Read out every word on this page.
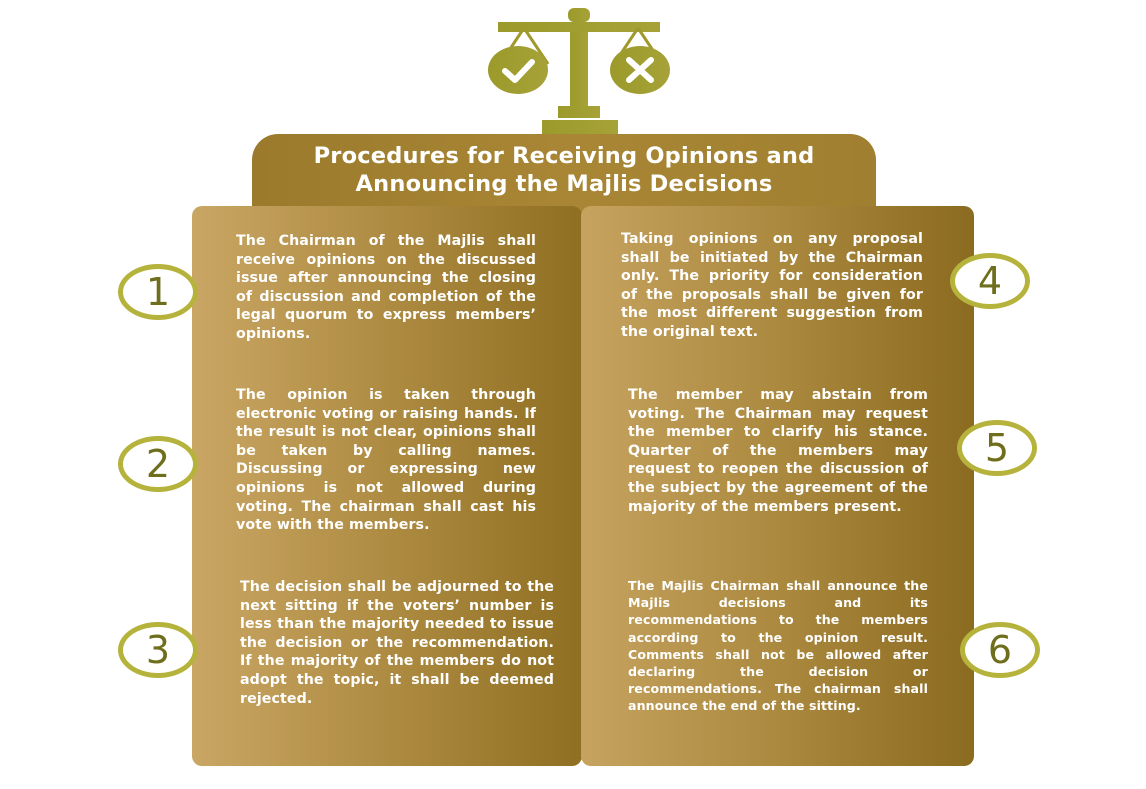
Procedures for Receiving Opinions and Announcing the Majlis Decisions

The Chairman of the Majlis shall receive opinions on the discussed issue after announcing the closing of discussion and completion of the legal quorum to express members’ opinions.

The opinion is taken through electronic voting or raising hands. If the result is not clear, opinions shall be taken by calling names. Discussing or expressing new opinions is not allowed during voting. The chairman shall cast his vote with the members.

The decision shall be adjourned to the next sitting if the voters’ number is less than the majority needed to issue the decision or the recommendation. If the majority of the members do not adopt the topic, it shall be deemed rejected.

Taking opinions on any proposal shall be initiated by the Chairman only. The priority for consideration of the proposals shall be given for the most different suggestion from the original text.

The member may abstain from voting. The Chairman may request the member to clarify his stance. Quarter of the members may request to reopen the discussion of the subject by the agreement of the majority of the members present.

The Majlis Chairman shall announce the Majlis decisions and its recommendations to the members according to the opinion result. Comments shall not be allowed after declaring the decision or recommendations. The chairman shall announce the end of the sitting.

1
2
3
4
5
6
